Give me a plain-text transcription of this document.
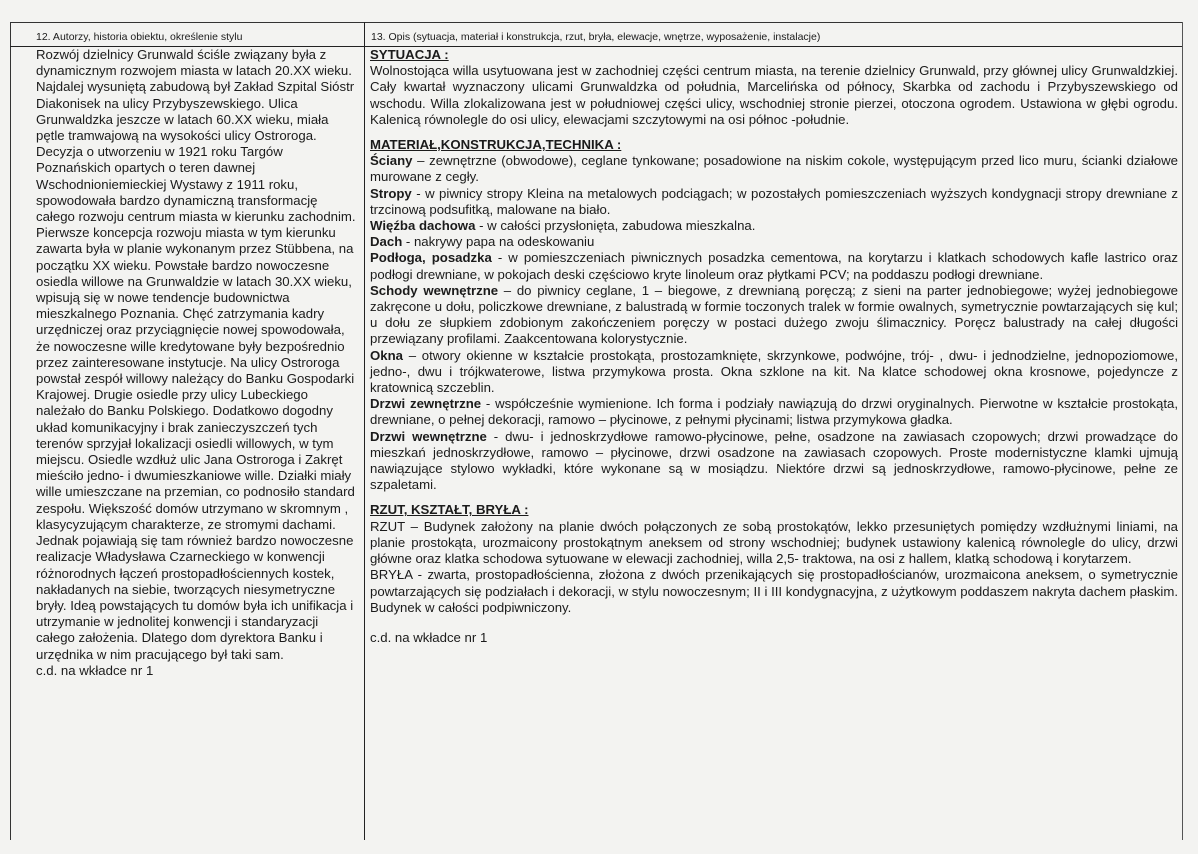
12. Autorzy, historia obiektu, określenie stylu	13. Opis (sytuacja, materiał i konstrukcja, rzut, bryła, elewacje, wnętrze, wyposażenie, instalacje)

Rozwój dzielnicy Grunwald ściśle związany była z dynamicznym rozwojem miasta w latach 20.XX wieku. Najdalej wysuniętą zabudową był Zakład Szpital Sióstr Diakonisek na ulicy Przybyszewskiego. Ulica Grunwaldzka jeszcze w latach 60.XX wieku, miała pętle tramwajową na wysokości ulicy Ostroroga. Decyzja o utworzeniu w 1921 roku Targów Poznańskich opartych o teren dawnej Wschodnioniemieckiej Wystawy z 1911 roku, spowodowała bardzo dynamiczną transformację całego rozwoju centrum miasta w kierunku zachodnim. Pierwsze koncepcja rozwoju miasta w tym kierunku zawarta była w planie wykonanym przez Stübbena, na początku XX wieku. Powstałe bardzo nowoczesne osiedla willowe na Grunwaldzie w latach 30.XX wieku, wpisują się w nowe tendencje budownictwa mieszkalnego Poznania. Chęć zatrzymania kadry urzędniczej oraz przyciągnięcie nowej spowodowała, że nowoczesne wille kredytowane były bezpośrednio przez zainteresowane instytucje. Na ulicy Ostroroga powstał zespół willowy należący do Banku Gospodarki Krajowej. Drugie osiedle przy ulicy Lubeckiego należało do Banku Polskiego. Dodatkowo dogodny układ komunikacyjny i brak zanieczyszczeń tych terenów sprzyjał lokalizacji osiedli willowych, w tym miejscu. Osiedle wzdłuż ulic Jana Ostroroga i Zakręt mieściło jedno- i dwumieszkaniowe wille. Działki miały wille umieszczane na przemian, co podnosiło standard zespołu. Większość domów utrzymano w skromnym , klasycyzującym charakterze, ze stromymi dachami. Jednak pojawiają się tam również bardzo nowoczesne realizacje Władysława Czarneckiego w konwencji różnorodnych łączeń prostopadłościennych kostek, nakładanych na siebie, tworzących niesymetryczne bryły. Ideą powstających tu domów była ich unifikacja i utrzymanie w jednolitej konwencji i standaryzacji całego założenia. Dlatego dom dyrektora Banku i urzędnika w nim pracującego był taki sam.

c.d. na wkładce nr 1

SYTUACJA :

Wolnostojąca willa usytuowana jest w zachodniej części centrum miasta, na terenie dzielnicy Grunwald, przy głównej ulicy Grunwaldzkiej. Cały kwartał wyznaczony ulicami Grunwaldzka od południa, Marcelińska od północy, Skarbka od zachodu i Przybyszewskiego od wschodu. Willa zlokalizowana jest w południowej części ulicy, wschodniej stronie pierzei, otoczona ogrodem. Ustawiona w głębi ogrodu. Kalenicą równolegle do osi ulicy, elewacjami szczytowymi na osi północ -południe.

MATERIAŁ,KONSTRUKCJA,TECHNIKA :

Ściany – zewnętrzne (obwodowe), ceglane tynkowane; posadowione na niskim cokole, występującym przed lico muru, ścianki działowe murowane z cegły.

Stropy - w piwnicy stropy Kleina na metalowych podciągach; w pozostałych pomieszczeniach wyższych kondygnacji stropy drewniane z trzcinową podsufitką, malowane na biało.

Więźba dachowa - w całości przysłonięta, zabudowa mieszkalna.

Dach - nakrywy papa na odeskowaniu

Podłoga, posadzka - w pomieszczeniach piwnicznych posadzka cementowa, na korytarzu i klatkach schodowych kafle lastrico oraz podłogi drewniane, w pokojach deski częściowo kryte linoleum oraz płytkami PCV; na poddaszu podłogi drewniane.

Schody wewnętrzne – do piwnicy ceglane, 1 – biegowe, z drewnianą poręczą; z sieni na parter jednobiegowe; wyżej jednobiegowe zakręcone u dołu, policzkowe drewniane, z balustradą w formie toczonych tralek w formie owalnych, symetrycznie powtarzających się kul; u dołu ze słupkiem zdobionym zakończeniem poręczy w postaci dużego zwoju ślimacznicy. Poręcz balustrady na całej długości przewiązany profilami. Zaakcentowana kolorystycznie.

Okna – otwory okienne w kształcie prostokąta, prostozamknięte, skrzynkowe, podwójne, trój- , dwu- i jednodzielne, jednopoziomowe, jedno-, dwu i trójkwaterowe, listwa przymykowa prosta. Okna szklone na kit. Na klatce schodowej okna krosnowe, pojedyncze z kratownicą szczeblin.

Drzwi zewnętrzne - współcześnie wymienione. Ich forma i podziały nawiązują do drzwi oryginalnych. Pierwotne w kształcie prostokąta, drewniane, o pełnej dekoracji, ramowo – płycinowe, z pełnymi płycinami; listwa przymykowa gładka.

Drzwi wewnętrzne - dwu- i jednoskrzydłowe ramowo-płycinowe, pełne, osadzone na zawiasach czopowych; drzwi prowadzące do mieszkań jednoskrzydłowe, ramowo – płycinowe, drzwi osadzone na zawiasach czopowych. Proste modernistyczne klamki ujmują nawiązujące stylowo wykładki, które wykonane są w mosiądzu. Niektóre drzwi są jednoskrzydłowe, ramowo-płycinowe, pełne ze szpaletami.

RZUT, KSZTAŁT, BRYŁA :

RZUT – Budynek założony na planie dwóch połączonych ze sobą prostokątów, lekko przesuniętych pomiędzy wzdłużnymi liniami, na planie prostokąta, urozmaicony prostokątnym aneksem od strony wschodniej; budynek ustawiony kalenicą równolegle do ulicy, drzwi główne oraz klatka schodowa sytuowane w elewacji zachodniej, willa 2,5- traktowa, na osi z hallem, klatką schodową i korytarzem.

BRYŁA - zwarta, prostopadłościenna, złożona z dwóch przenikających się prostopadłościanów, urozmaicona aneksem, o symetrycznie powtarzających się podziałach i dekoracji, w stylu nowoczesnym; II i III kondygnacyjna, z użytkowym poddaszem nakryta dachem płaskim. Budynek w całości podpiwniczony.

c.d. na wkładce nr 1
